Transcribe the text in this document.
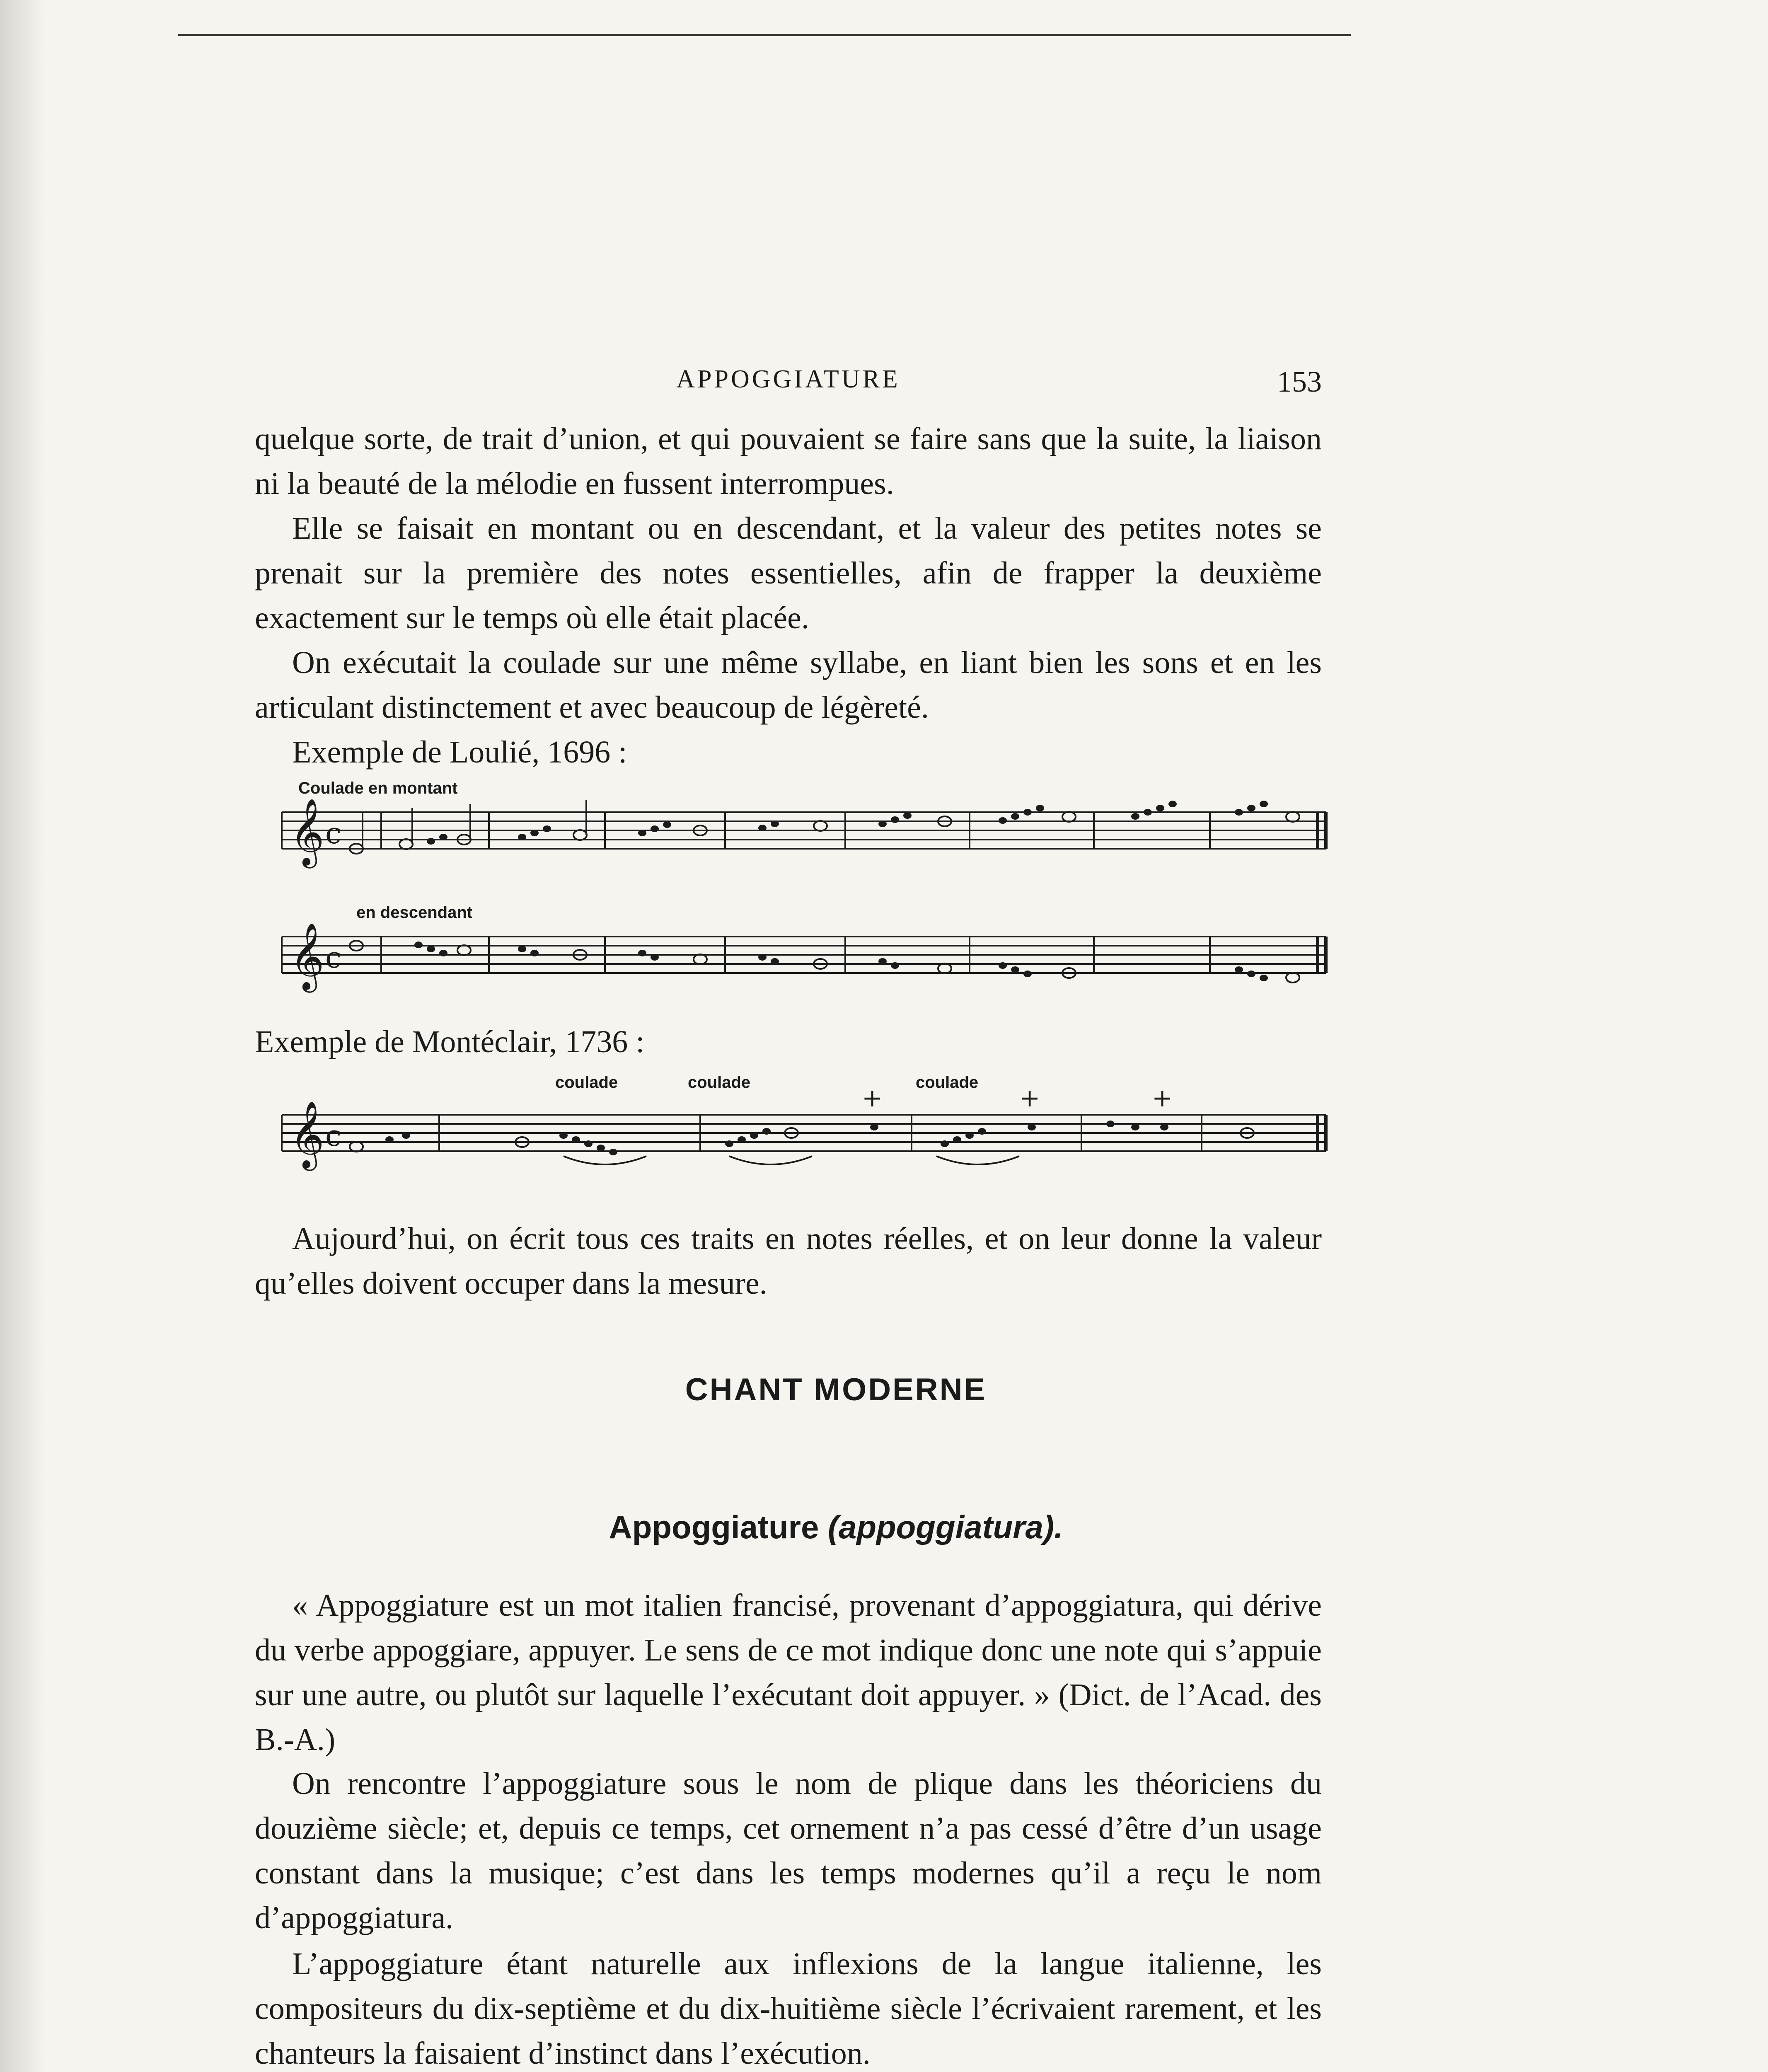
APPOGGIATURE	153

quelque sorte, de trait d’union, et qui pouvaient se faire sans que la suite, la liaison ni la beauté de la mélodie en fussent interrompues.

Elle se faisait en montant ou en descendant, et la valeur des petites notes se prenait sur la première des notes essentielles, afin de frapper la deuxième exactement sur le temps où elle était placée.

On exécutait la coulade sur une même syllabe, en liant bien les sons et en les articulant distinctement et avec beaucoup de légèreté.

Exemple de Loulié, 1696 :

Coulade en montant
𝄞 c
𝄞 c
en descendant

Exemple de Montéclair, 1736 :

coulade	coulade	coulade
𝄞 c
+	+	+

Aujourd’hui, on écrit tous ces traits en notes réelles, et on leur donne la valeur qu’elles doivent occuper dans la mesure.

CHANT MODERNE
Appoggiature (appoggiatura).

« Appoggiature est un mot italien francisé, provenant d’appoggiatura, qui dérive du verbe appoggiare, appuyer. Le sens de ce mot indique donc une note qui s’appuie sur une autre, ou plutôt sur laquelle l’exécutant doit appuyer. » (Dict. de l’Acad. des B.-A.)

On rencontre l’appoggiature sous le nom de plique dans les théoriciens du douzième siècle; et, depuis ce temps, cet ornement n’a pas cessé d’être d’un usage constant dans la musique; c’est dans les temps modernes qu’il a reçu le nom d’appoggiatura.

L’appoggiature étant naturelle aux inflexions de la langue italienne, les compositeurs du dix-septième et du dix-huitième siècle l’écrivaient rarement, et les chanteurs la faisaient d’instinct dans l’exécution.
